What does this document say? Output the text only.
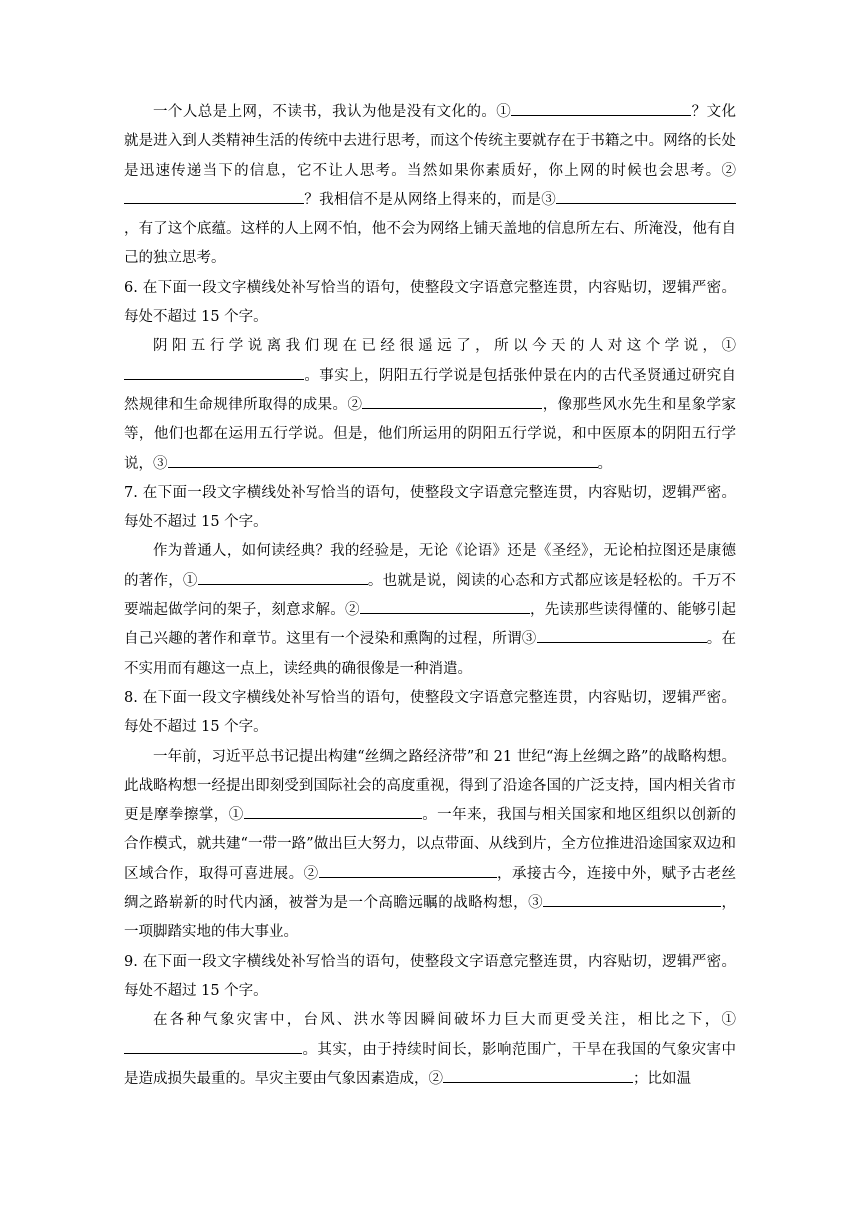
一个人总是上网，不读书，我认为他是没有文化的。①	？文化就是进入到人类精神生活的传统中去进行思考，而这个传统主要就存在于书籍之中。网络的长处是迅速传递当下的信息，它不让人思考。当然如果你素质好，你上网的时候也会思考。②？我相信不是从网络上得来的，而是③，有了这个底蕴。这样的人上网不怕，他不会为网络上铺天盖地的信息所左右、所淹没，他有自己的独立思考。

6. 在下面一段文字横线处补写恰当的语句，使整段文字语意完整连贯，内容贴切，逻辑严密。每处不超过 15 个字。

阴阳五行学说离我们现在已经很遥远了，所以今天的人对这个学说，①。事实上，阴阳五行学说是包括张仲景在内的古代圣贤通过研究自然规律和生命规律所取得的成果。②	，像那些风水先生和星象学家等，他们也都在运用五行学说。但是，他们所运用的阴阳五行学说，和中医原本的阴阳五行学说，③	。

7. 在下面一段文字横线处补写恰当的语句，使整段文字语意完整连贯，内容贴切，逻辑严密。每处不超过 15 个字。

作为普通人，如何读经典？我的经验是，无论《论语》还是《圣经》，无论柏拉图还是康德的著作，①	。也就是说，阅读的心态和方式都应该是轻松的。千万不要端起做学问的架子，刻意求解。②	，先读那些读得懂的、能够引起自己兴趣的著作和章节。这里有一个浸染和熏陶的过程，所谓③	。在不实用而有趣这一点上，读经典的确很像是一种消遣。

8. 在下面一段文字横线处补写恰当的语句，使整段文字语意完整连贯，内容贴切，逻辑严密。每处不超过 15 个字。

一年前，习近平总书记提出构建“丝绸之路经济带”和 21 世纪“海上丝绸之路”的战略构想。此战略构想一经提出即刻受到国际社会的高度重视，得到了沿途各国的广泛支持，国内相关省市更是摩拳擦掌，①	。一年来，我国与相关国家和地区组织以创新的合作模式，就共建“一带一路”做出巨大努力，以点带面、从线到片，全方位推进沿途国家双边和区域合作，取得可喜进展。②	，承接古今，连接中外，赋予古老丝绸之路崭新的时代内涵，被誉为是一个高瞻远瞩的战略构想，③	，一项脚踏实地的伟大事业。

9. 在下面一段文字横线处补写恰当的语句，使整段文字语意完整连贯，内容贴切，逻辑严密。每处不超过 15 个字。

在各种气象灾害中，台风、洪水等因瞬间破坏力巨大而更受关注，相比之下，①。其实，由于持续时间长，影响范围广，干旱在我国的气象灾害中是造成损失最重的。旱灾主要由气象因素造成，②	；比如温
